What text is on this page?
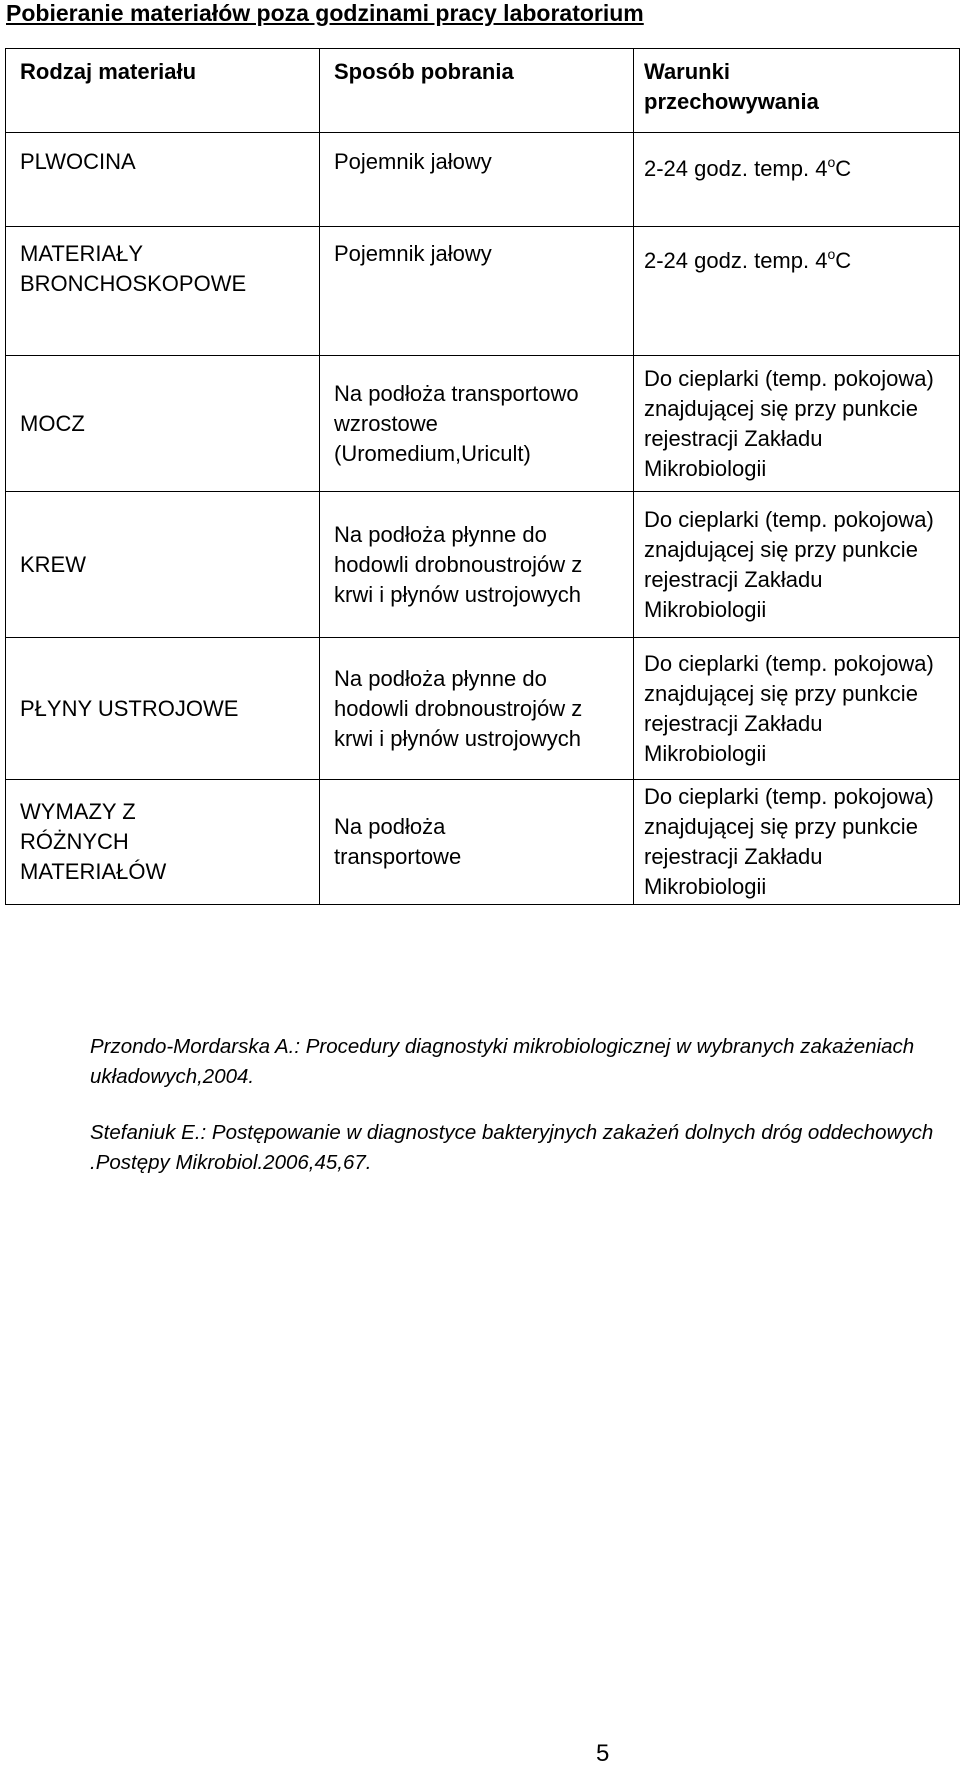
Pobieranie materiałów poza godzinami pracy laboratorium
Rodzaj materiału	Sposób pobrania	Warunki przechowywania
PLWOCINA	Pojemnik jałowy	2-24 godz. temp. 4$^o$C
MATERIAŁY BRONCHOSKOPOWE	Pojemnik jałowy	2-24 godz. temp. 4$^o$C
MOCZ	Na podłoża transportowo wzrostowe (Uromedium,Uricult)	Do cieplarki (temp. pokojowa) znajdującej się przy punkcie rejestracji Zakładu Mikrobiologii
KREW	Na podłoża płynne do hodowli drobnoustrojów z krwi i płynów ustrojowych	Do cieplarki (temp. pokojowa) znajdującej się przy punkcie rejestracji Zakładu Mikrobiologii
PŁYNY USTROJOWE	Na podłoża płynne do hodowli drobnoustrojów z krwi i płynów ustrojowych	Do cieplarki (temp. pokojowa) znajdującej się przy punkcie rejestracji Zakładu Mikrobiologii
WYMAZY Z RÓŻNYCH MATERIAŁÓW	Na podłoża transportowe	Do cieplarki (temp. pokojowa) znajdującej się przy punkcie rejestracji Zakładu Mikrobiologii

Przondo-Mordarska A.: Procedury diagnostyki mikrobiologicznej w wybranych zakażeniach układowych,2004.

Stefaniuk E.: Postępowanie w diagnostyce bakteryjnych zakażeń dolnych dróg oddechowych .Postępy Mikrobiol.2006,45,67.

5
